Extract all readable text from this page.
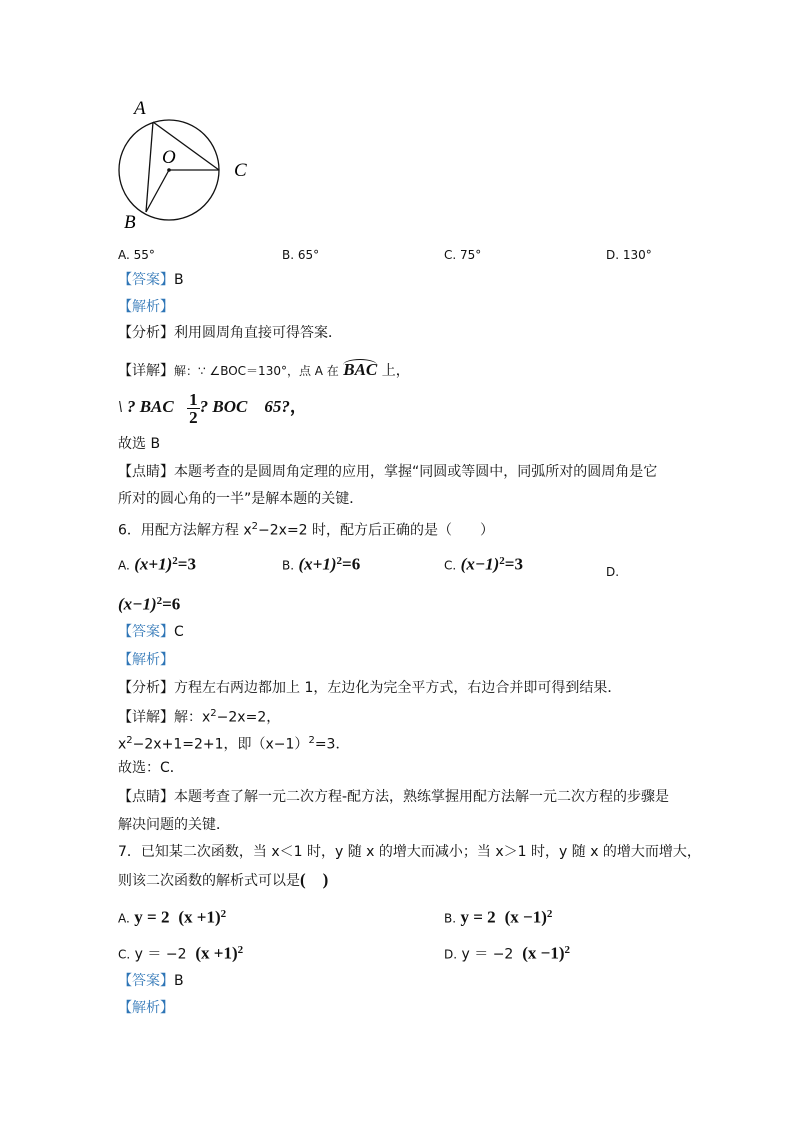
A
B
C
O
A. 55°	B. 65°	C. 75°	D. 130°
【答案】B
【解析】
【分析】利用圆周角直接可得答案．
【详解】解：∵ ∠BOC＝130°，点 A 在 BAC 上，
\ ? BAC $\frac{1}{2}$ ? BOC　65?，
故选 B
【点睛】本题考查的是圆周角定理的应用，掌握“同圆或等圆中，同弧所对的圆周角是它
所对的圆心角的一半”是解本题的关键．
6．用配方法解方程 $x^2-2x=2$ 时，配方后正确的是（　　）
A. $(x+1)^2=3$	B. $(x+1)^2=6$	C. $(x-1)^2=3$	D.
$(x-1)^2=6$
【答案】C
【解析】
【分析】方程左右两边都加上 1，左边化为完全平方式，右边合并即可得到结果．
【详解】解：$x^2-2x=2$，
$x^2-2x+1=2+1$，即$(x-1)^2=3$．
故选：C．
【点睛】本题考查了解一元二次方程-配方法，熟练掌握用配方法解一元二次方程的步骤是
解决问题的关键．
7．已知某二次函数，当 x＜1 时，y 随 x 的增大而减小；当 x＞1 时，y 随 x 的增大而增大，
则该二次函数的解析式可以是(　)
A. y = 2 $(x +1)^2$	B. y = 2 $(x -1)^2$
C. y ＝ −2 $(x +1)^2$	D. y ＝ −2 $(x -1)^2$
【答案】B
【解析】
